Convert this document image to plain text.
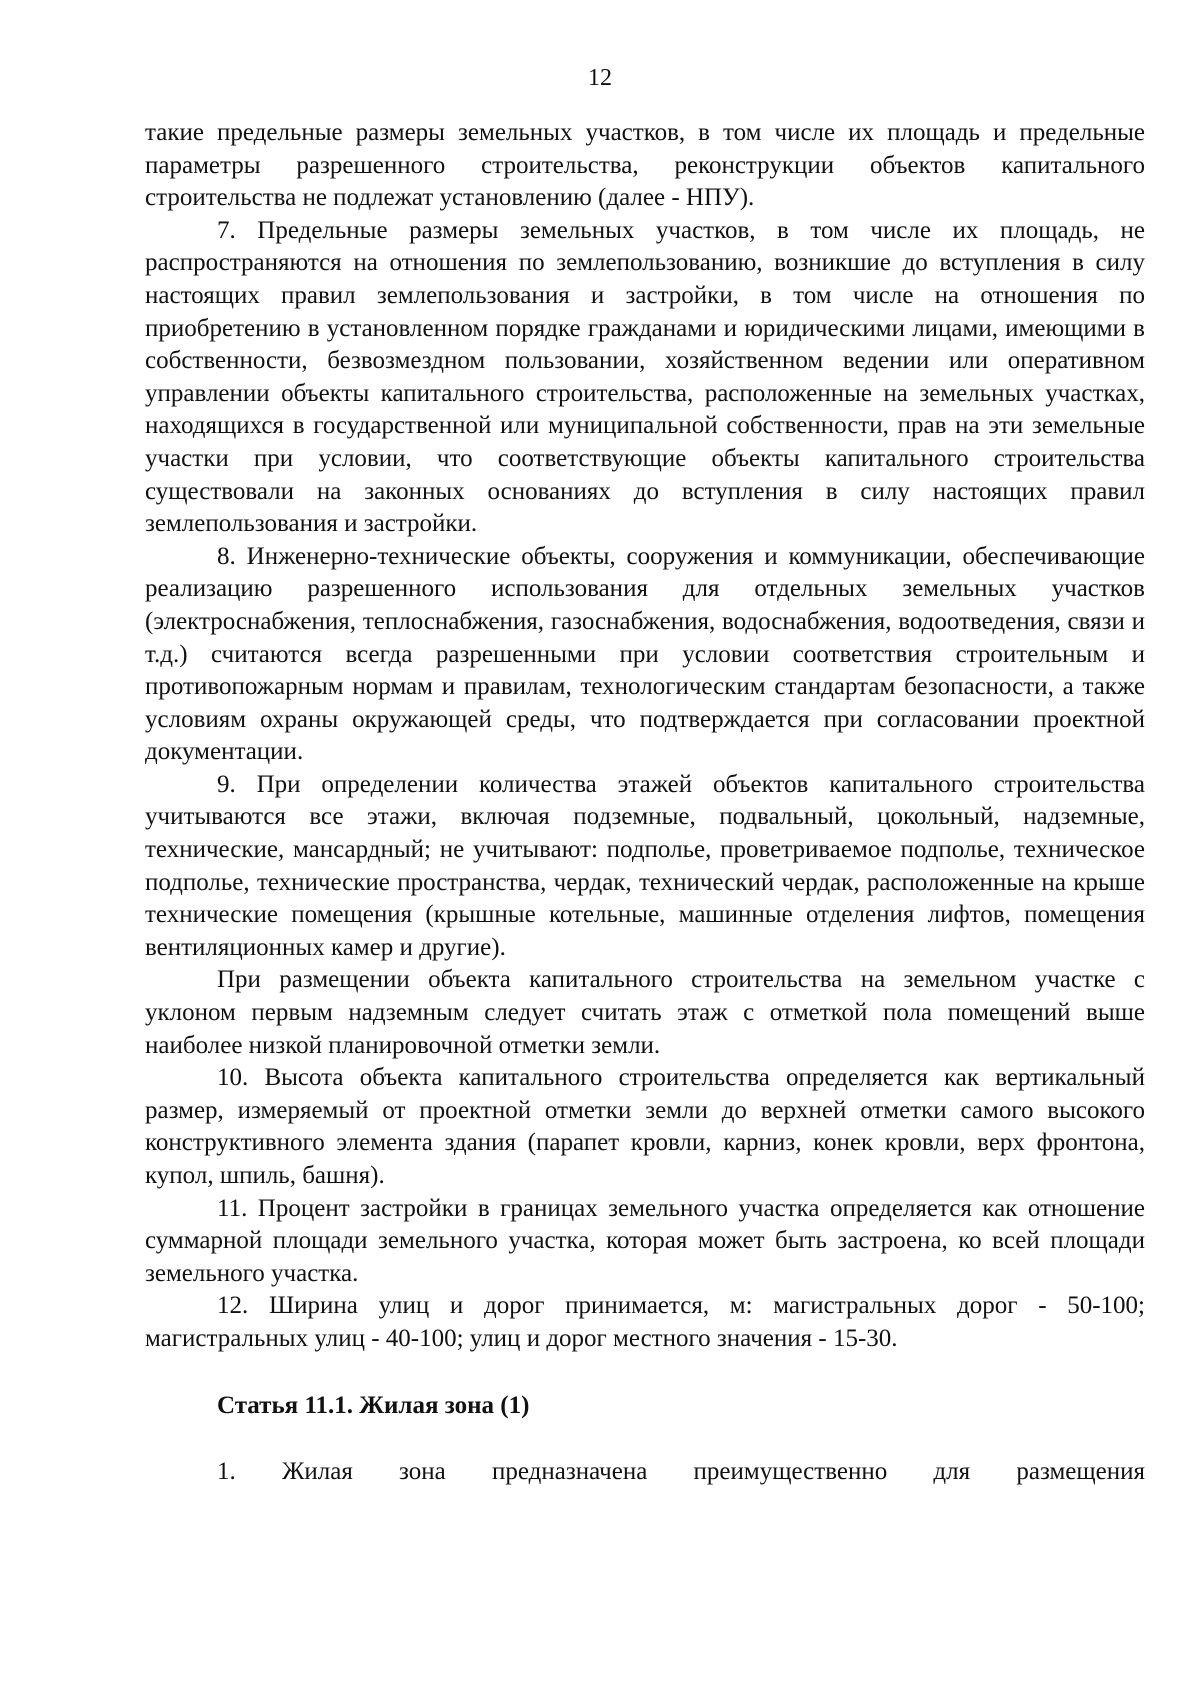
12

такие предельные размеры земельных участков, в том числе их площадь и предельные параметры разрешенного строительства, реконструкции объектов капитального строительства не подлежат установлению (далее - НПУ).

7. Предельные размеры земельных участков, в том числе их площадь, не распространяются на отношения по землепользованию, возникшие до вступления в силу настоящих правил землепользования и застройки, в том числе на отношения по приобретению в установленном порядке гражданами и юридическими лицами, имеющими в собственности, безвозмездном пользовании, хозяйственном ведении или оперативном управлении объекты капитального строительства, расположенные на земельных участках, находящихся в государственной или муниципальной собственности, прав на эти земельные участки при условии, что соответствующие объекты капитального строительства существовали на законных основаниях до вступления в силу настоящих правил землепользования и застройки.

8. Инженерно-технические объекты, сооружения и коммуникации, обеспечивающие реализацию разрешенного использования для отдельных земельных участков (электроснабжения, теплоснабжения, газоснабжения, водоснабжения, водоотведения, связи и т.д.) считаются всегда разрешенными при условии соответствия строительным и противопожарным нормам и правилам, технологическим стандартам безопасности, а также условиям охраны окружающей среды, что подтверждается при согласовании проектной документации.

9. При определении количества этажей объектов капитального строительства учитываются все этажи, включая подземные, подвальный, цокольный, надземные, технические, мансардный; не учитывают: подполье, проветриваемое подполье, техническое подполье, технические пространства, чердак, технический чердак, расположенные на крыше технические помещения (крышные котельные, машинные отделения лифтов, помещения вентиляционных камер и другие).

При размещении объекта капитального строительства на земельном участке с уклоном первым надземным следует считать этаж с отметкой пола помещений выше наиболее низкой планировочной отметки земли.

10. Высота объекта капитального строительства определяется как вертикальный размер, измеряемый от проектной отметки земли до верхней отметки самого высокого конструктивного элемента здания (парапет кровли, карниз, конек кровли, верх фронтона, купол, шпиль, башня).

11. Процент застройки в границах земельного участка определяется как отношение суммарной площади земельного участка, которая может быть застроена, ко всей площади земельного участка.

12. Ширина улиц и дорог принимается, м: магистральных дорог - 50-100; магистральных улиц - 40-100; улиц и дорог местного значения - 15-30.

Статья 11.1. Жилая зона (1)

1. Жилая зона предназначена преимущественно для размещения
